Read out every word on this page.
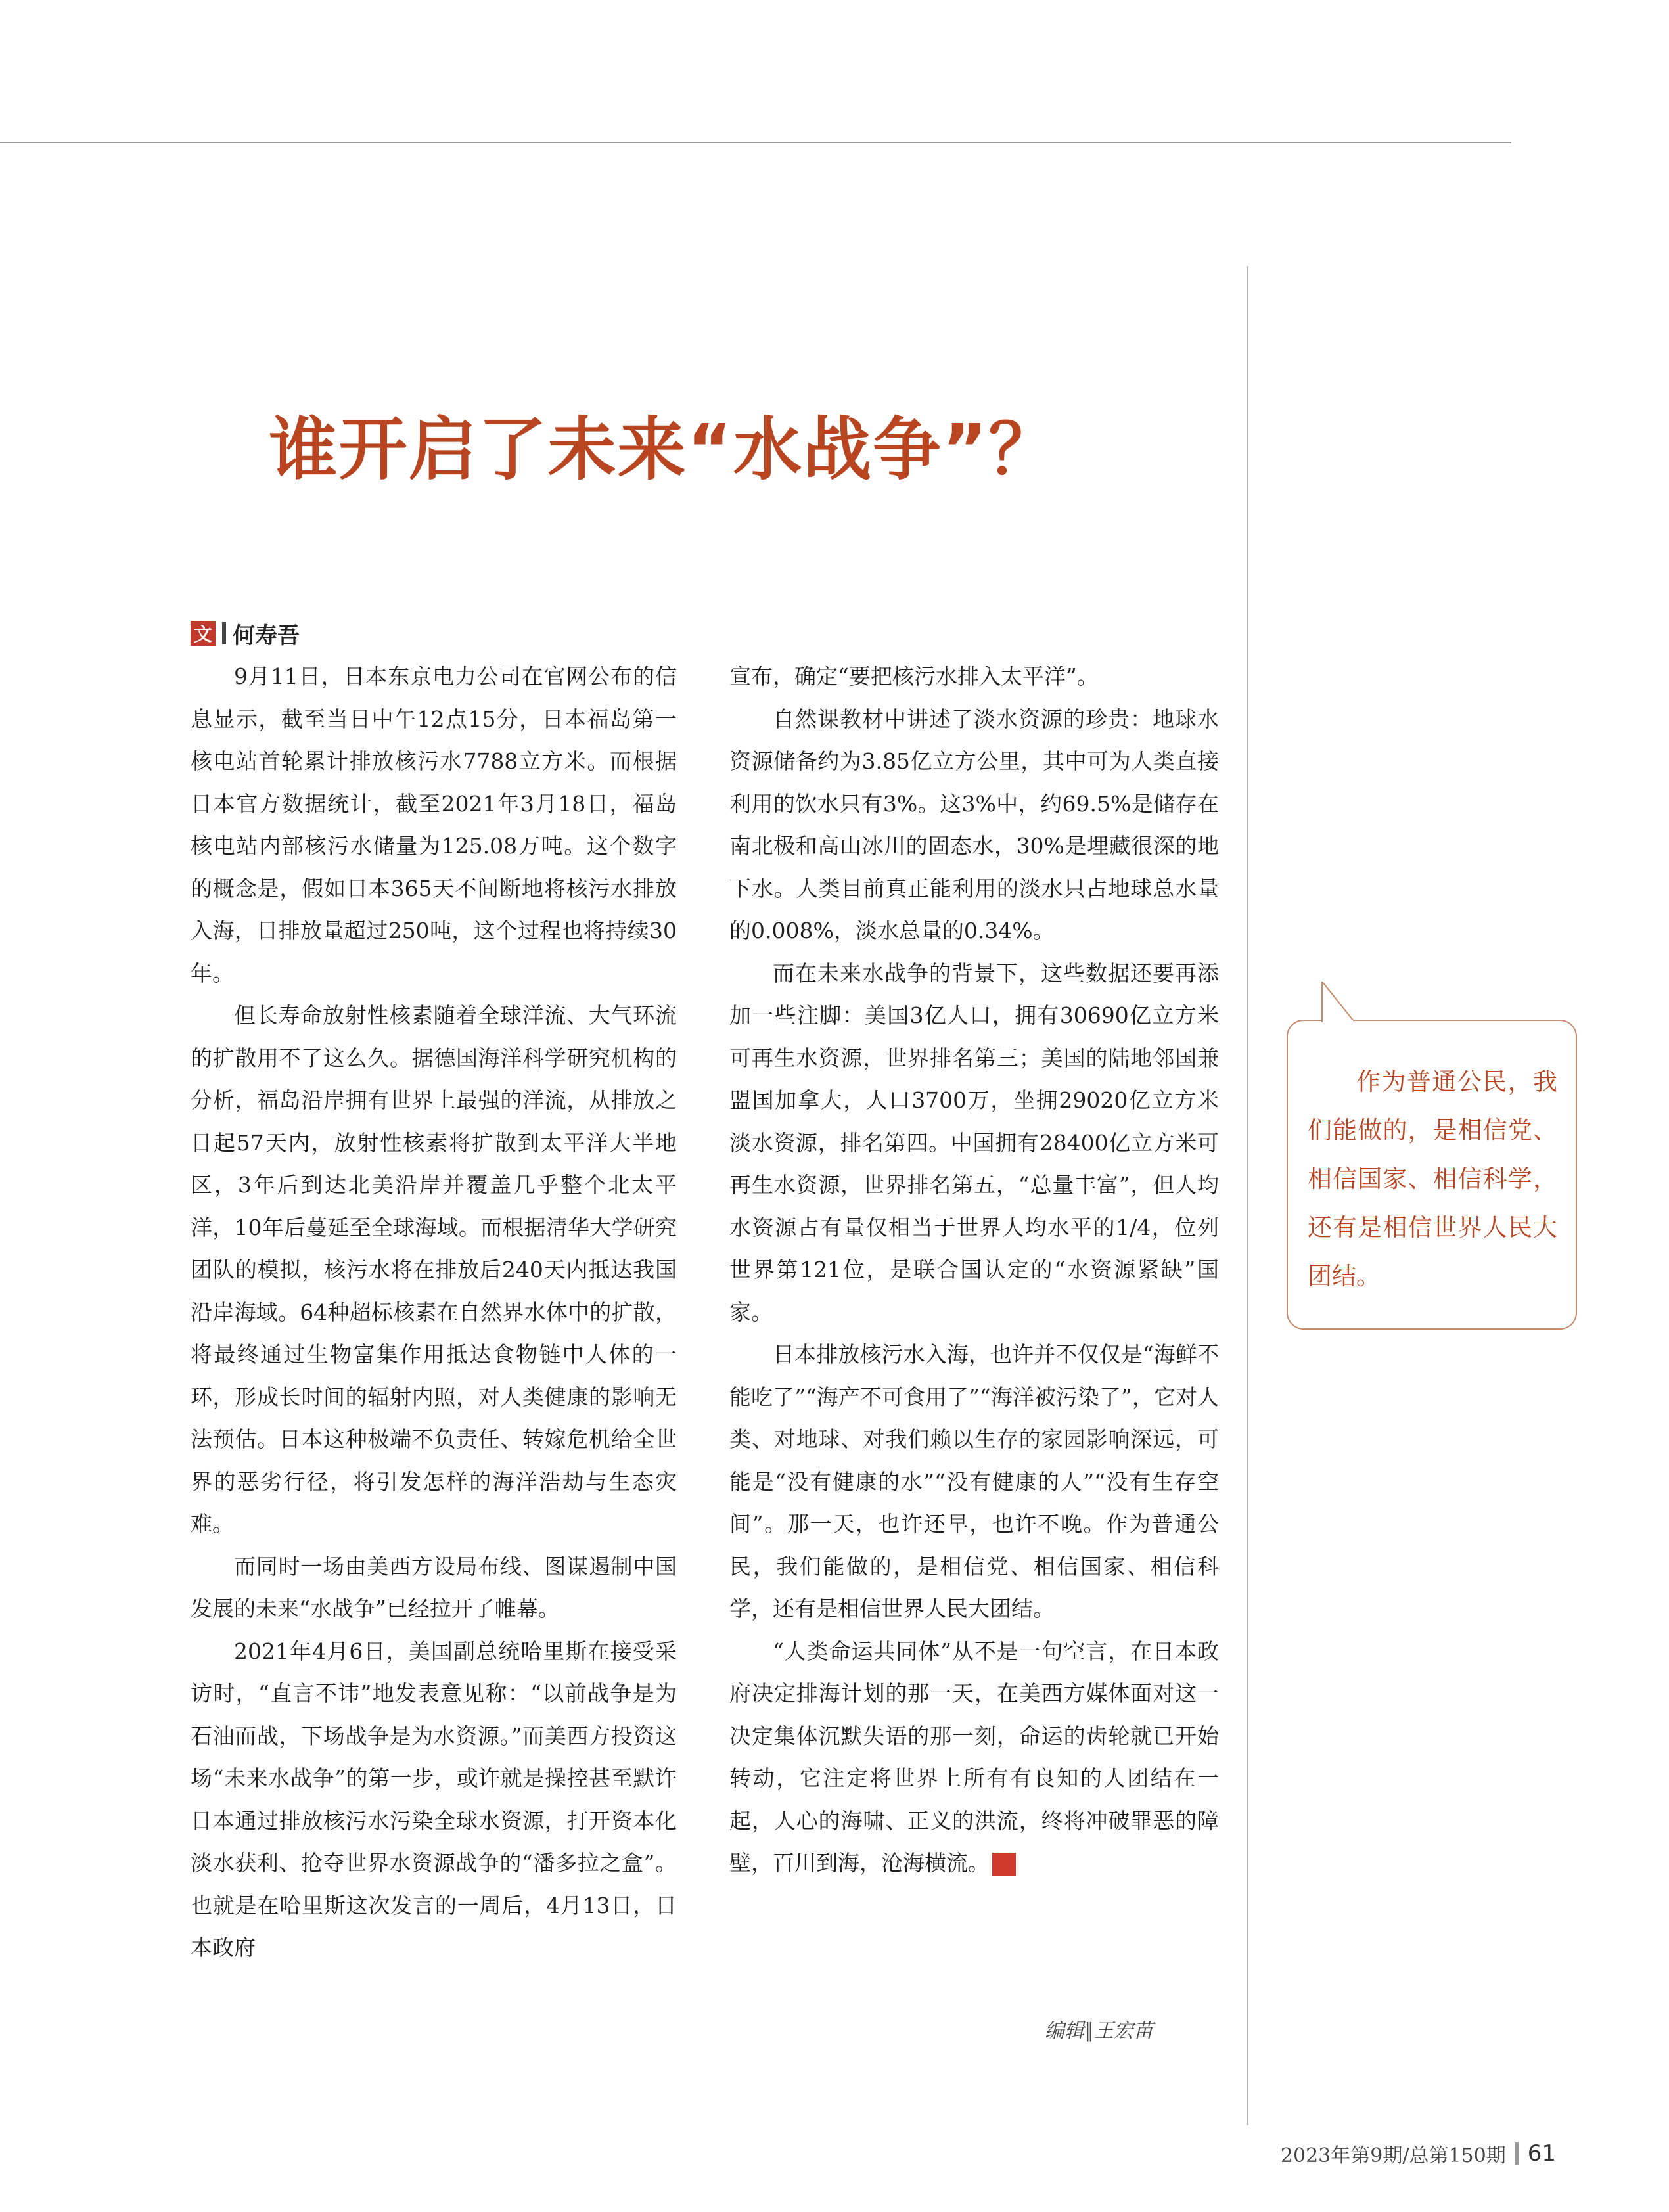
谁开启了未来“水战争”？
文 何寿吾

9月11日，日本东京电力公司在官网公布的信息显示，截至当日中午12点15分，日本福岛第一核电站首轮累计排放核污水7788立方米。而根据日本官方数据统计，截至2021年3月18日，福岛核电站内部核污水储量为125.08万吨。这个数字的概念是，假如日本365天不间断地将核污水排放入海，日排放量超过250吨，这个过程也将持续30年。

但长寿命放射性核素随着全球洋流、大气环流的扩散用不了这么久。据德国海洋科学研究机构的分析，福岛沿岸拥有世界上最强的洋流，从排放之日起57天内，放射性核素将扩散到太平洋大半地区，3年后到达北美沿岸并覆盖几乎整个北太平洋，10年后蔓延至全球海域。而根据清华大学研究团队的模拟，核污水将在排放后240天内抵达我国沿岸海域。64种超标核素在自然界水体中的扩散，将最终通过生物富集作用抵达食物链中人体的一环，形成长时间的辐射内照，对人类健康的影响无法预估。日本这种极端不负责任、转嫁危机给全世界的恶劣行径，将引发怎样的海洋浩劫与生态灾难。

而同时一场由美西方设局布线、图谋遏制中国发展的未来“水战争”已经拉开了帷幕。

2021年4月6日，美国副总统哈里斯在接受采访时，“直言不讳”地发表意见称：“以前战争是为石油而战，下场战争是为水资源。”而美西方投资这场“未来水战争”的第一步，或许就是操控甚至默许日本通过排放核污水污染全球水资源，打开资本化淡水获利、抢夺世界水资源战争的“潘多拉之盒”。也就是在哈里斯这次发言的一周后，4月13日，日本政府

宣布，确定“要把核污水排入太平洋”。

自然课教材中讲述了淡水资源的珍贵：地球水资源储备约为3.85亿立方公里，其中可为人类直接利用的饮水只有3%。这3%中，约69.5%是储存在南北极和高山冰川的固态水，30%是埋藏很深的地下水。人类目前真正能利用的淡水只占地球总水量的0.008%，淡水总量的0.34%。

而在未来水战争的背景下，这些数据还要再添加一些注脚：美国3亿人口，拥有30690亿立方米可再生水资源，世界排名第三；美国的陆地邻国兼盟国加拿大，人口3700万，坐拥29020亿立方米淡水资源，排名第四。中国拥有28400亿立方米可再生水资源，世界排名第五，“总量丰富”，但人均水资源占有量仅相当于世界人均水平的1/4，位列世界第121位，是联合国认定的“水资源紧缺”国家。

日本排放核污水入海，也许并不仅仅是“海鲜不能吃了”“海产不可食用了”“海洋被污染了”，它对人类、对地球、对我们赖以生存的家园影响深远，可能是“没有健康的水”“没有健康的人”“没有生存空间”。那一天，也许还早，也许不晚。作为普通公民，我们能做的，是相信党、相信国家、相信科学，还有是相信世界人民大团结。

“人类命运共同体”从不是一句空言，在日本政府决定排海计划的那一天，在美西方媒体面对这一决定集体沉默失语的那一刻，命运的齿轮就已开始转动，它注定将世界上所有有良知的人团结在一起，人心的海啸、正义的洪流，终将冲破罪恶的障壁，百川到海，沧海横流。	G

编辑∥王宏苗
作为普通公民，我们能做的，是相信党、相信国家、相信科学，还有是相信世界人民大团结。
2023年第9期/总第150期 61
